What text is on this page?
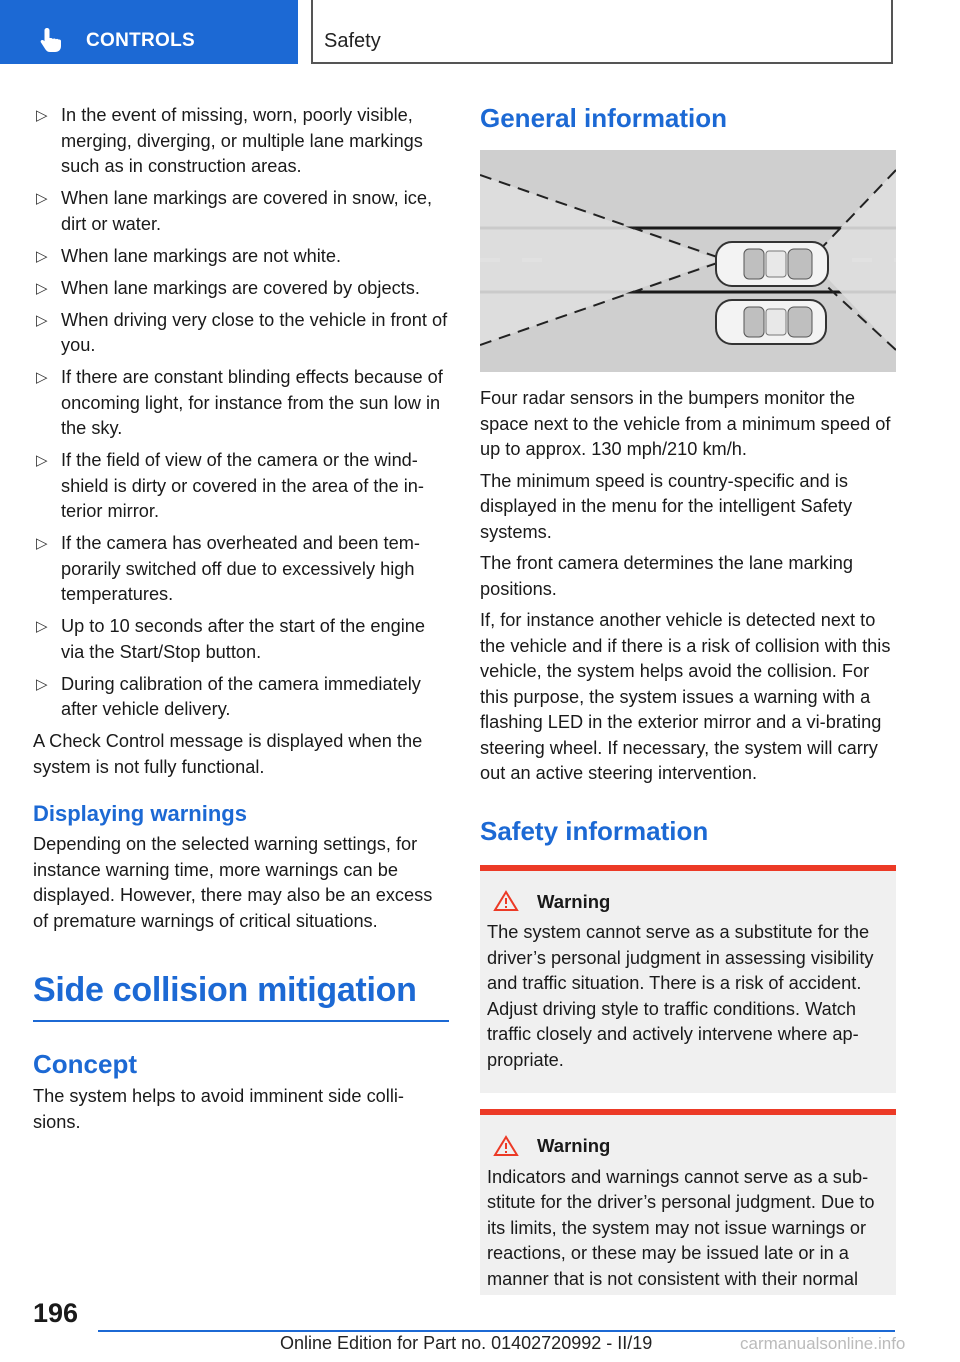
CONTROLS	Safety
▷ In the event of missing, worn, poorly visible, merging, diverging, or multiple lane markings such as in construction areas.
▷ When lane markings are covered in snow, ice, dirt or water.
▷ When lane markings are not white.
▷ When lane markings are covered by objects.
▷ When driving very close to the vehicle in front of you.
▷ If there are constant blinding effects because of oncoming light, for instance from the sun low in the sky.
▷ If the field of view of the camera or the wind-shield is dirty or covered in the area of the in-terior mirror.
▷ If the camera has overheated and been tem-porarily switched off due to excessively high temperatures.
▷ Up to 10 seconds after the start of the engine via the Start/Stop button.
▷ During calibration of the camera immediately after vehicle delivery.

A Check Control message is displayed when the system is not fully functional.

Displaying warnings

Depending on the selected warning settings, for instance warning time, more warnings can be displayed. However, there may also be an excess of premature warnings of critical situations.

Side collision mitigation
Concept

The system helps to avoid imminent side colli-sions.

General information

Four radar sensors in the bumpers monitor the space next to the vehicle from a minimum speed of up to approx. 130 mph/210 km/h.

The minimum speed is country-specific and is displayed in the menu for the intelligent Safety systems.

The front camera determines the lane marking positions.

If, for instance another vehicle is detected next to the vehicle and if there is a risk of collision with this vehicle, the system helps avoid the collision. For this purpose, the system issues a warning with a flashing LED in the exterior mirror and a vi-brating steering wheel. If necessary, the system will carry out an active steering intervention.

Safety information
Warning

The system cannot serve as a substitute for the driver’s personal judgment in assessing visibility and traffic situation. There is a risk of accident. Adjust driving style to traffic conditions. Watch traffic closely and actively intervene where ap-propriate.

Warning

Indicators and warnings cannot serve as a sub-stitute for the driver’s personal judgment. Due to its limits, the system may not issue warnings or reactions, or these may be issued late or in a manner that is not consistent with their normal

196
Online Edition for Part no. 01402720992 - II/19	carmanualsonline.info
